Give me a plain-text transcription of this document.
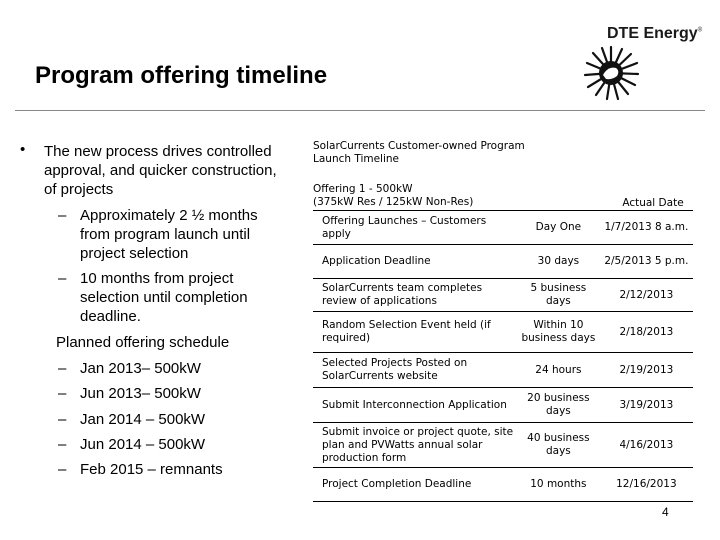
DTE Energy®
Program offering timeline
• The new process drives controlled approval, and quicker construction, of projects
– Approximately 2 ½ months from program launch until project selection
– 10 months from project selection until completion deadline.
Planned offering schedule
– Jan 2013– 500kW
– Jun 2013– 500kW
– Jan 2014 – 500kW
– Jun 2014 – 500kW
– Feb 2015 – remnants
SolarCurrents Customer-owned Program Launch Timeline
Offering 1 - 500kW
(375kW Res / 125kW Non-Res)	Actual Date
Offering Launches – Customers apply	Day One	1/7/2013 8 a.m.
Application Deadline	30 days	2/5/2013 5 p.m.
SolarCurrents team completes review of applications	5 business days	2/12/2013
Random Selection Event held (if required)	Within 10 business days	2/18/2013
Selected Projects Posted on SolarCurrents website	24 hours	2/19/2013
Submit Interconnection Application	20 business days	3/19/2013
Submit invoice or project quote, site plan and PVWatts annual solar production form	40 business days	4/16/2013
Project Completion Deadline	10 months	12/16/2013
4
